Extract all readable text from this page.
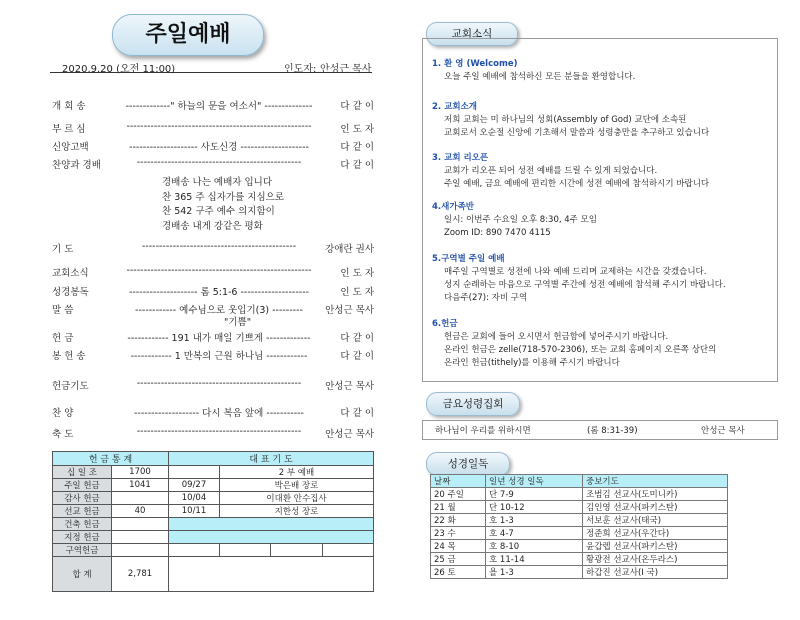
주일예배
2020.9.20 (오전 11:00)	인도자: 안성근 목사
개 회 송	-------------" 하늘의 문을 여소서" --------------	다 같 이
부 르 심	------------------------------------------------------	인 도 자
신앙고백	-------------------- 사도신경 --------------------	다 같 이
찬양과 경배	------------------------------------------------	다 같 이
기 도	---------------------------------------------	강애란 권사
교회소식	------------------------------------------------------	인 도 자
성경봉독	-------------------- 롬 5:1-6 --------------------	인 도 자
말 씀	------------ 예수님으로 웃입기(3) ---------	안성근 목사
헌 금	------------ 191 내가 매일 기쁘게 -------------	다 같 이
봉 헌 송	------------ 1 만복의 근원 하나님 ------------	다 같 이
헌금기도	------------------------------------------------	안성근 목사
찬 양	------------------- 다시 복음 앞에 -----------	다 같 이
축 도	------------------------------------------------	안성근 목사
경배송 나는 예배자 입니다
찬 365 주 십자가를 지심으로
찬 542 구주 예수 의지함이
경배송 내게 강같은 평화
"기쁨"
헌 금 통 계		대 표 기 도			
십 일 조	1700		2 부 예배		
주일 헌금	1041	09/27	박은배 장로		
감사 헌금		10/04	이대환 안수집사		
선교 헌금	40	10/11	지한성 장로		
건축 헌금					
지정 헌금					
구역헌금					
합 계	2,781				
교회소식
1. 환 영 (Welcome)
오늘 주일 예배에 참석하신 모든 분들을 환영합니다.
2. 교회소개
저희 교회는 미 하나님의 성회(Assembly of God) 교단에 소속된
교회로서 오순절 신앙에 기초해서 말씀과 성령충만을 추구하고 있습니다
3. 교회 리오픈
교회가 리오픈 되어 성전 예배를 드릴 수 있게 되었습니다.
주일 예배, 금요 예배에 편리한 시간에 성전 예배에 참석하시기 바랍니다
4.새가족반
일시: 이번주 수요일 오후 8:30, 4주 모임
Zoom ID: 890 7470 4115
5.구역별 주일 예배
매주일 구역별로 성전에 나와 예배 드리며 교제하는 시간을 갖겠습니다.
성지 순례하는 마음으로 구역별 주간에 성전 예배에 참석해 주시기 바랍니다.
다음주(27): 자비 구역
6.헌금
헌금은 교회에 들어 오시면서 헌금함에 넣어주시기 바랍니다.
온라인 헌금은 zelle(718-570-2306), 또는 교회 홈페이지 오른쪽 상단의
온라인 헌금(tithely)를 이용해 주시기 바랍니다
금요성령집회
하나님이 우리를 위하시면	(롬 8:31-39)	안성근 목사
성경일독
날짜	일년 성경 일독	중보기도
20 주일	단 7-9	조범김 선교사(도미니카)
21 월	단 10-12	김인영 선교사(파키스탄)
22 화	호 1-3	서보훈 선교사(태국)
23 수	호 4-7	정준희 선교사(우간다)
24 목	호 8-10	윤갑렙 선교사(파키스탄)
25 금	호 11-14	황광전 선교사(온두라스)
26 토	욜 1-3	하갑진 선교사(I 국)
